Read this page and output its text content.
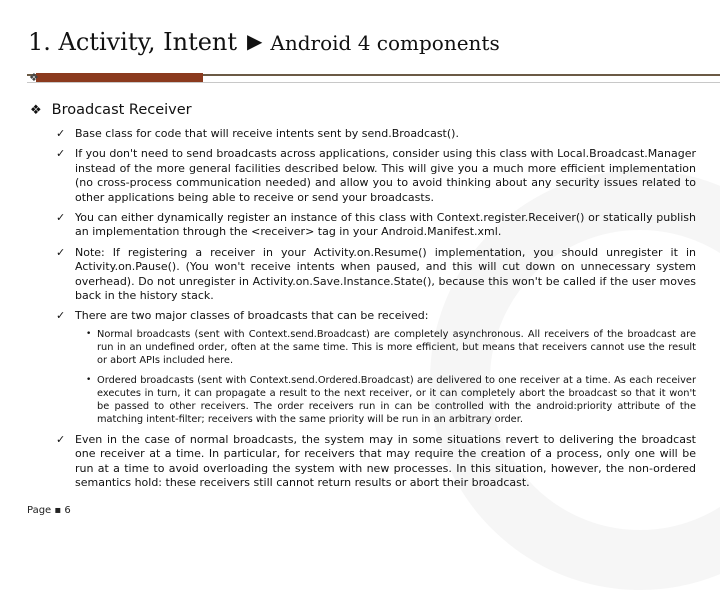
1. Activity, Intent ▶ Android 4 components
❖
❖ Broadcast Receiver
✓ Base class for code that will receive intents sent by send.Broadcast().
✓ If you don't need to send broadcasts across applications, consider using this class with Local.Broadcast.Manager instead of the more general facilities described below. This will give you a much more efficient implementation (no cross-process communication needed) and allow you to avoid thinking about any security issues related to other applications being able to receive or send your broadcasts.
✓ You can either dynamically register an instance of this class with Context.register.Receiver() or statically publish an implementation through the <receiver> tag in your Android.Manifest.xml.
✓ Note: If registering a receiver in your Activity.on.Resume() implementation, you should unregister it in Activity.on.Pause(). (You won't receive intents when paused, and this will cut down on unnecessary system overhead). Do not unregister in Activity.on.Save.Instance.State(), because this won't be called if the user moves back in the history stack.
✓ There are two major classes of broadcasts that can be received:
• Normal broadcasts (sent with Context.send.Broadcast) are completely asynchronous. All receivers of the broadcast are run in an undefined order, often at the same time. This is more efficient, but means that receivers cannot use the result or abort APIs included here.
• Ordered broadcasts (sent with Context.send.Ordered.Broadcast) are delivered to one receiver at a time. As each receiver executes in turn, it can propagate a result to the next receiver, or it can completely abort the broadcast so that it won't be passed to other receivers. The order receivers run in can be controlled with the android:priority attribute of the matching intent-filter; receivers with the same priority will be run in an arbitrary order.
✓ Even in the case of normal broadcasts, the system may in some situations revert to delivering the broadcast one receiver at a time. In particular, for receivers that may require the creation of a process, only one will be run at a time to avoid overloading the system with new processes. In this situation, however, the non-ordered semantics hold: these receivers still cannot return results or abort their broadcast.
Page ▪ 6
